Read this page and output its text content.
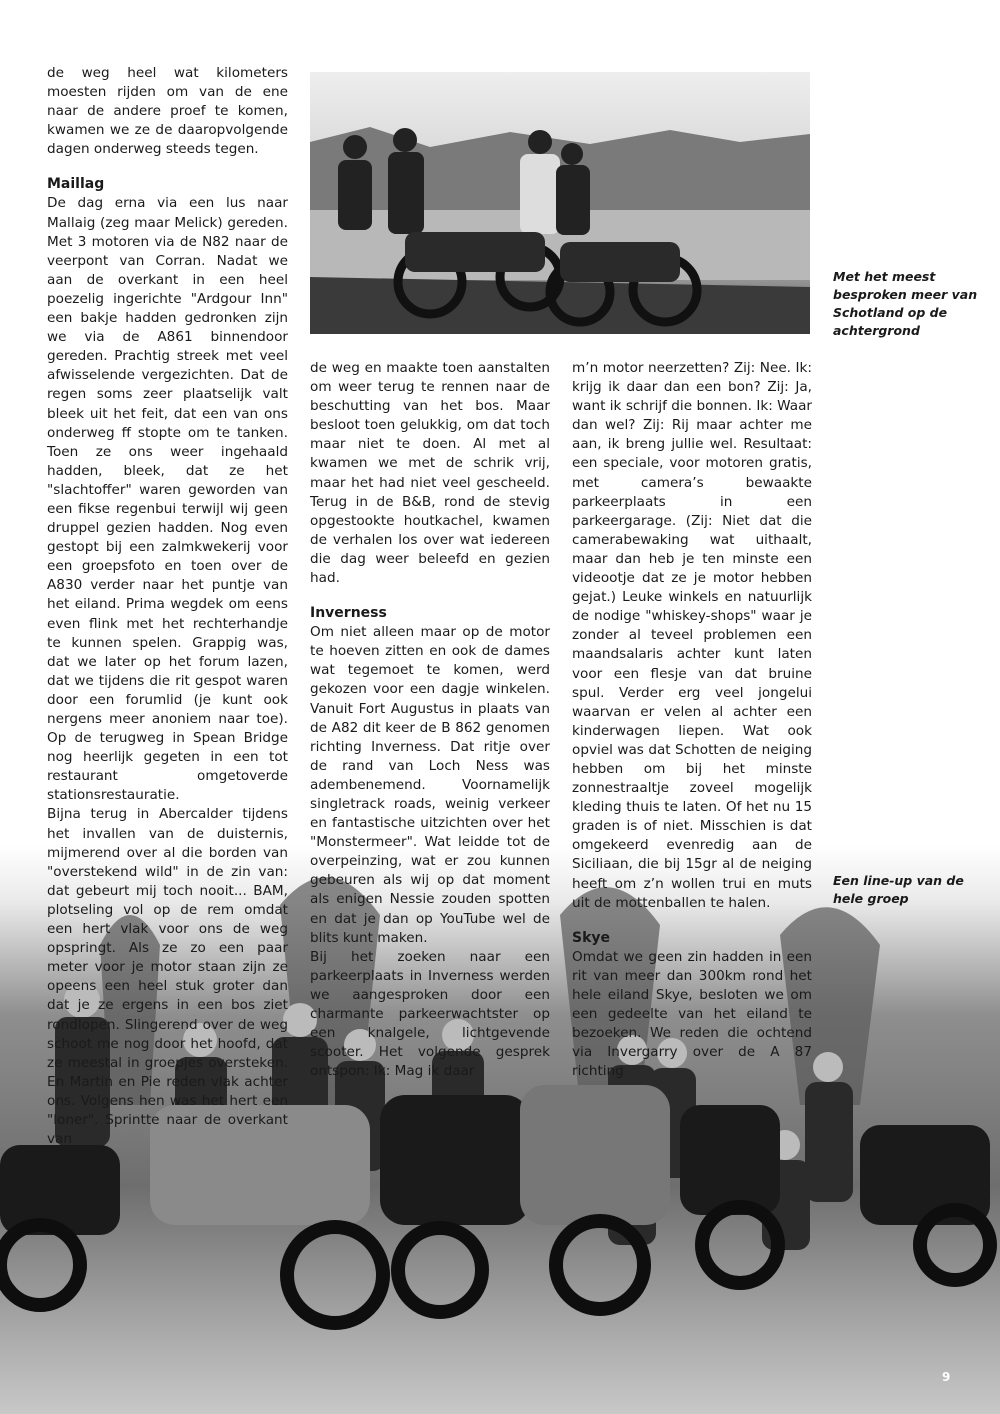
Met het meest besproken meer van Schotland op de achtergrond
Een line-up van de hele groep

de weg heel wat kilometers moesten rijden om van de ene naar de andere proef te komen, kwamen we ze de daaropvolgende dagen onderweg steeds tegen.

Maillag

De dag erna via een lus naar Mallaig (zeg maar Melick) gereden. Met 3 motoren via de N82 naar de veerpont van Corran. Nadat we aan de overkant in een heel poezelig ingerichte "Ardgour Inn" een bakje hadden gedronken zijn we via de A861 binnendoor gereden. Prachtig streek met veel afwisselende vergezichten. Dat de regen soms zeer plaatselijk valt bleek uit het feit, dat een van ons onderweg ff stopte om te tanken. Toen ze ons weer ingehaald hadden, bleek, dat ze het "slachtoffer" waren geworden van een fikse regenbui terwijl wij geen druppel gezien hadden. Nog even gestopt bij een zalmkwekerij voor een groepsfoto en toen over de A830 verder naar het puntje van het eiland. Prima wegdek om eens even flink met het rechterhandje te kunnen spelen. Grappig was, dat we later op het forum lazen, dat we tijdens die rit gespot waren door een forumlid (je kunt ook nergens meer anoniem naar toe). Op de terugweg in Spean Bridge nog heerlijk gegeten in een tot restaurant omgetoverde stationsrestauratie.

Bijna terug in Abercalder tijdens het invallen van de duisternis, mijmerend over al die borden van "overstekend wild" in de zin van: dat gebeurt mij toch nooit... BAM, plotseling vol op de rem omdat een hert vlak voor ons de weg opspringt. Als ze zo een paar meter voor je motor staan zijn ze opeens een heel stuk groter dan dat je ze ergens in een bos ziet rondlopen. Slingerend over de weg schoot me nog door het hoofd, dat ze meestal in groepjes oversteken. En Martin en Pie reden vlak achter ons. Volgens hen was het hert een "loner". Sprintte naar de overkant van

de weg en maakte toen aanstalten om weer terug te rennen naar de beschutting van het bos. Maar besloot toen gelukkig, om dat toch maar niet te doen. Al met al kwamen we met de schrik vrij, maar het had niet veel gescheeld. Terug in de B&B, rond de stevig opgestookte houtkachel, kwamen de verhalen los over wat iedereen die dag weer beleefd en gezien had.

Inverness

Om niet alleen maar op de motor te hoeven zitten en ook de dames wat tegemoet te komen, werd gekozen voor een dagje winkelen. Vanuit Fort Augustus in plaats van de A82 dit keer de B 862 genomen richting Inverness. Dat ritje over de rand van Loch Ness was adembenemend. Voornamelijk singletrack roads, weinig verkeer en fantastische uitzichten over het "Monstermeer". Wat leidde tot de overpeinzing, wat er zou kunnen gebeuren als wij op dat moment als enigen Nessie zouden spotten en dat je dan op YouTube wel de blits kunt maken.

Bij het zoeken naar een parkeerplaats in Inverness werden we aangesproken door een charmante parkeerwachtster op een knalgele, lichtgevende scooter. Het volgende gesprek ontspon: Ik: Mag ik daar

m’n motor neerzetten? Zij: Nee. Ik: krijg ik daar dan een bon? Zij: Ja, want ik schrijf die bonnen. Ik: Waar dan wel? Zij: Rij maar achter me aan, ik breng jullie wel. Resultaat: een speciale, voor motoren gratis, met camera’s bewaakte parkeerplaats in een parkeergarage. (Zij: Niet dat die camerabewaking wat uithaalt, maar dan heb je ten minste een videootje dat ze je motor hebben gejat.) Leuke winkels en natuurlijk de nodige "whiskey-shops" waar je zonder al teveel problemen een maandsalaris achter kunt laten voor een flesje van dat bruine spul. Verder erg veel jongelui waarvan er velen al achter een kinderwagen liepen. Wat ook opviel was dat Schotten de neiging hebben om bij het minste zonnestraaltje zoveel mogelijk kleding thuis te laten. Of het nu 15 graden is of niet. Misschien is dat omgekeerd evenredig aan de Siciliaan, die bij 15gr al de neiging heeft om z’n wollen trui en muts uit de mottenballen te halen.

Skye

Omdat we geen zin hadden in een rit van meer dan 300km rond het hele eiland Skye, besloten we om een gedeelte van het eiland te bezoeken. We reden die ochtend via Invergarry over de A 87 richting

9
